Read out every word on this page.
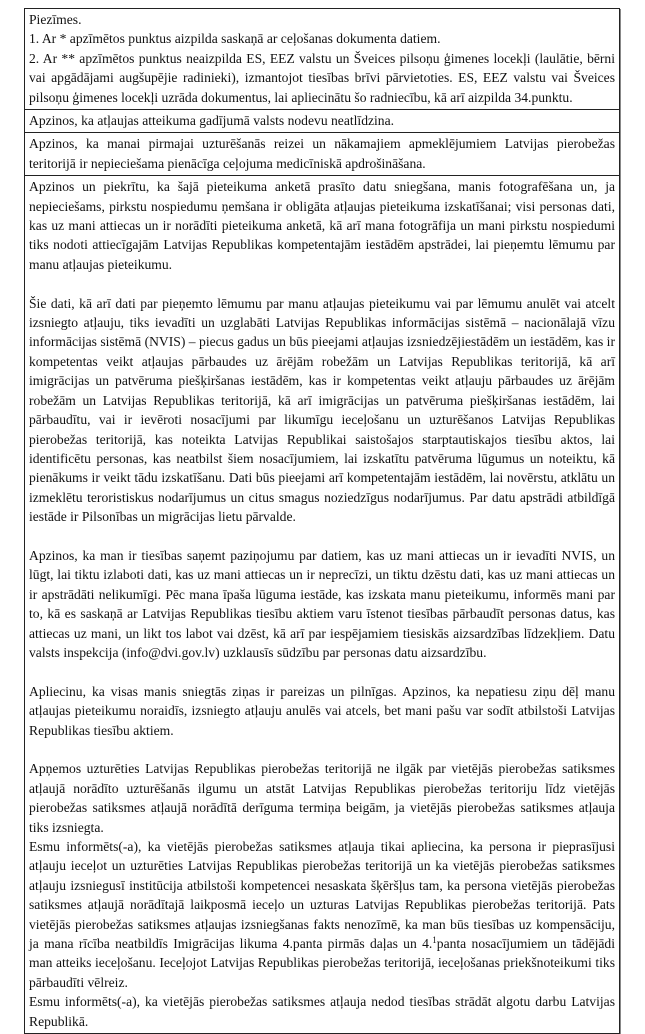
Piezīmes.

1. Ar * apzīmētos punktus aizpilda saskaņā ar ceļošanas dokumenta datiem.

2. Ar ** apzīmētos punktus neaizpilda ES, EEZ valstu un Šveices pilsoņu ģimenes locekļi (laulātie, bērni vai apgādājami augšupējie radinieki), izmantojot tiesības brīvi pārvietoties. ES, EEZ valstu vai Šveices pilsoņu ģimenes locekļi uzrāda dokumentus, lai apliecinātu šo radniecību, kā arī aizpilda 34.punktu.

Apzinos, ka atļaujas atteikuma gadījumā valsts nodevu neatlīdzina.

Apzinos, ka manai pirmajai uzturēšanās reizei un nākamajiem apmeklējumiem Latvijas pierobežas teritorijā ir nepieciešama pienācīga ceļojuma medicīniskā apdrošināšana.

Apzinos un piekrītu, ka šajā pieteikuma anketā prasīto datu sniegšana, manis fotografēšana un, ja nepieciešams, pirkstu nospiedumu ņemšana ir obligāta atļaujas pieteikuma izskatīšanai; visi personas dati, kas uz mani attiecas un ir norādīti pieteikuma anketā, kā arī mana fotogrāfija un mani pirkstu nospiedumi tiks nodoti attiecīgajām Latvijas Republikas kompetentajām iestādēm apstrādei, lai pieņemtu lēmumu par manu atļaujas pieteikumu.

Šie dati, kā arī dati par pieņemto lēmumu par manu atļaujas pieteikumu vai par lēmumu anulēt vai atcelt izsniegto atļauju, tiks ievadīti un uzglabāti Latvijas Republikas informācijas sistēmā – nacionālajā vīzu informācijas sistēmā (NVIS) – piecus gadus un būs pieejami atļaujas izsniedzējiestādēm un iestādēm, kas ir kompetentas veikt atļaujas pārbaudes uz ārējām robežām un Latvijas Republikas teritorijā, kā arī imigrācijas un patvēruma piešķiršanas iestādēm, kas ir kompetentas veikt atļauju pārbaudes uz ārējām robežām un Latvijas Republikas teritorijā, kā arī imigrācijas un patvēruma piešķiršanas iestādēm, lai pārbaudītu, vai ir ievēroti nosacījumi par likumīgu ieceļošanu un uzturēšanos Latvijas Republikas pierobežas teritorijā, kas noteikta Latvijas Republikai saistošajos starptautiskajos tiesību aktos, lai identificētu personas, kas neatbilst šiem nosacījumiem, lai izskatītu patvēruma lūgumus un noteiktu, kā pienākums ir veikt tādu izskatīšanu. Dati būs pieejami arī kompetentajām iestādēm, lai novērstu, atklātu un izmeklētu teroristiskus nodarījumus un citus smagus noziedzīgus nodarījumus. Par datu apstrādi atbildīgā iestāde ir Pilsonības un migrācijas lietu pārvalde.

Apzinos, ka man ir tiesības saņemt paziņojumu par datiem, kas uz mani attiecas un ir ievadīti NVIS, un lūgt, lai tiktu izlaboti dati, kas uz mani attiecas un ir neprecīzi, un tiktu dzēstu dati, kas uz mani attiecas un ir apstrādāti nelikumīgi. Pēc mana īpaša lūguma iestāde, kas izskata manu pieteikumu, informēs mani par to, kā es saskaņā ar Latvijas Republikas tiesību aktiem varu īstenot tiesības pārbaudīt personas datus, kas attiecas uz mani, un likt tos labot vai dzēst, kā arī par iespējamiem tiesiskās aizsardzības līdzekļiem. Datu valsts inspekcija (info@dvi.gov.lv) uzklausīs sūdzību par personas datu aizsardzību.

Apliecinu, ka visas manis sniegtās ziņas ir pareizas un pilnīgas. Apzinos, ka nepatiesu ziņu dēļ manu atļaujas pieteikumu noraidīs, izsniegto atļauju anulēs vai atcels, bet mani pašu var sodīt atbilstoši Latvijas Republikas tiesību aktiem.

Apņemos uzturēties Latvijas Republikas pierobežas teritorijā ne ilgāk par vietējās pierobežas satiksmes atļaujā norādīto uzturēšanās ilgumu un atstāt Latvijas Republikas pierobežas teritoriju līdz vietējās pierobežas satiksmes atļaujā norādītā derīguma termiņa beigām, ja vietējās pierobežas satiksmes atļauja tiks izsniegta.

Esmu informēts(-a), ka vietējās pierobežas satiksmes atļauja tikai apliecina, ka persona ir pieprasījusi atļauju ieceļot un uzturēties Latvijas Republikas pierobežas teritorijā un ka vietējās pierobežas satiksmes atļauju izsniegusī institūcija atbilstoši kompetencei nesaskata šķēršļus tam, ka persona vietējās pierobežas satiksmes atļaujā norādītajā laikposmā ieceļo un uzturas Latvijas Republikas pierobežas teritorijā. Pats vietējās pierobežas satiksmes atļaujas izsniegšanas fakts nenozīmē, ka man būs tiesības uz kompensāciju, ja mana rīcība neatbildīs Imigrācijas likuma 4.panta pirmās daļas un 4.$^1$panta nosacījumiem un tādējādi man atteiks ieceļošanu. Ieceļojot Latvijas Republikas pierobežas teritorijā, ieceļošanas priekšnoteikumi tiks pārbaudīti vēlreiz.

Esmu informēts(-a), ka vietējās pierobežas satiksmes atļauja nedod tiesības strādāt algotu darbu Latvijas Republikā.
